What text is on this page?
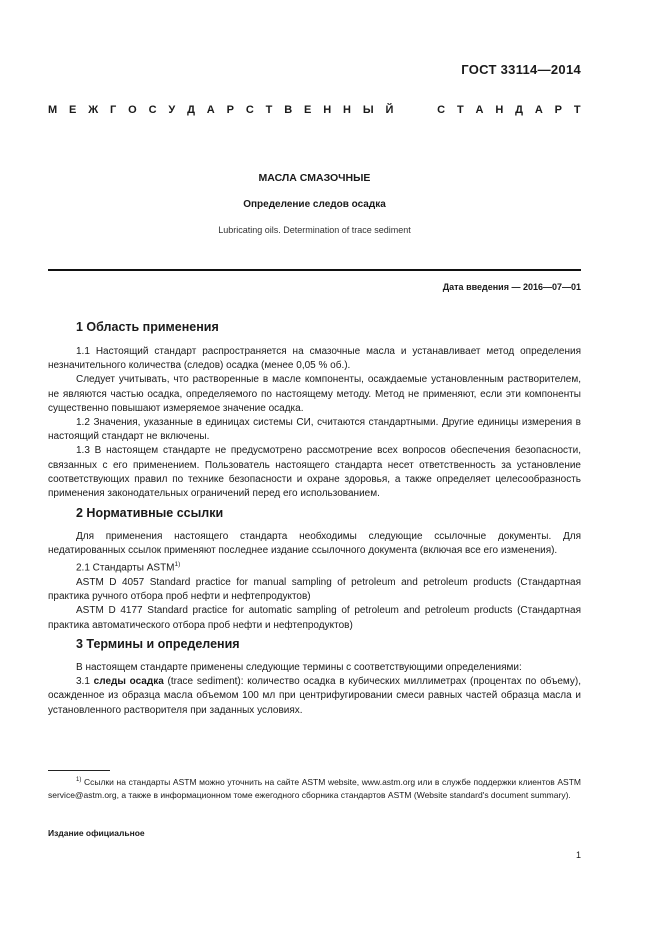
ГОСТ 33114—2014
М Е Ж Г О С У Д А Р С Т В Е Н Н Ы Й	С Т А Н Д А Р Т
МАСЛА СМАЗОЧНЫЕ
Определение следов осадка
Lubricating oils. Determination of trace sediment
Дата введения — 2016—07—01
1 Область применения

1.1 Настоящий стандарт распространяется на смазочные масла и устанавливает метод определения незначительного количества (следов) осадка (менее 0,05 % об.).

Следует учитывать, что растворенные в масле компоненты, осаждаемые установленным растворителем, не являются частью осадка, определяемого по настоящему методу. Метод не применяют, если эти компоненты существенно повышают измеряемое значение осадка.

1.2 Значения, указанные в единицах системы СИ, считаются стандартными. Другие единицы измерения в настоящий стандарт не включены.

1.3 В настоящем стандарте не предусмотрено рассмотрение всех вопросов обеспечения безопасности, связанных с его применением. Пользователь настоящего стандарта несет ответственность за установление соответствующих правил по технике безопасности и охране здоровья, а также определяет целесообразность применения законодательных ограничений перед его использованием.

2 Нормативные ссылки

Для применения настоящего стандарта необходимы следующие ссылочные документы. Для недатированных ссылок применяют последнее издание ссылочного документа (включая все его изменения).

2.1 Стандарты ASTM$^{1)}$

ASTM D 4057 Standard practice for manual sampling of petroleum and petroleum products (Стандартная практика ручного отбора проб нефти и нефтепродуктов)

ASTM D 4177 Standard practice for automatic sampling of petroleum and petroleum products (Стандартная практика автоматического отбора проб нефти и нефтепродуктов)

3 Термины и определения

В настоящем стандарте применены следующие термины с соответствующими определениями:

3.1 следы осадка (trace sediment): количество осадка в кубических миллиметрах (процентах по объему), осажденное из образца масла объемом 100 мл при центрифугировании смеси равных частей образца масла и установленного растворителя при заданных условиях.

$^{1)}$ Ссылки на стандарты ASTM можно уточнить на сайте ASTM website, www.astm.org или в службе поддержки клиентов ASTM service@astm.org, а также в информационном томе ежегодного сборника стандартов ASTM (Website standard's document summary).
Издание официальное
1
